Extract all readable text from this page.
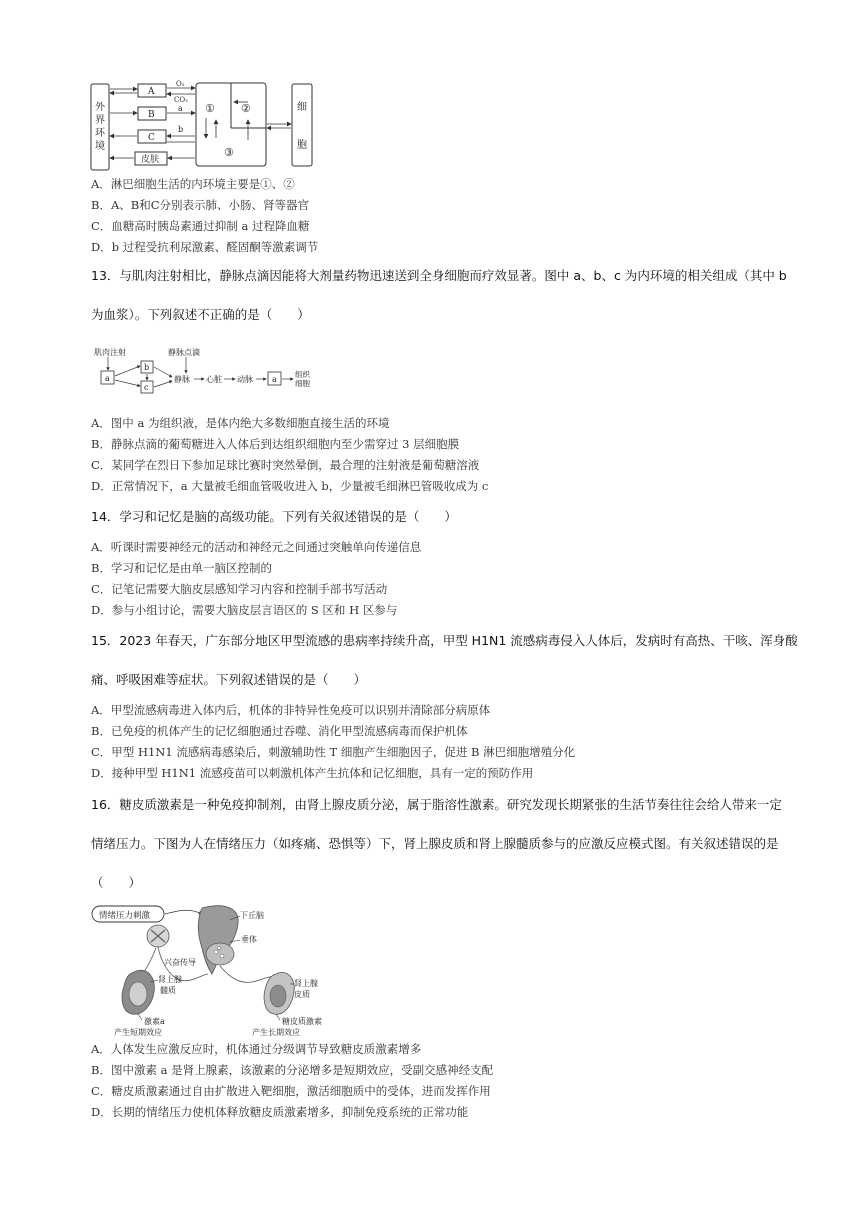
外
界
环
境
A
B
C
皮肤
O₂
CO₂
a
b
① ②
③
细
胞
A．淋巴细胞生活的内环境主要是①、②
B．A、B和C分别表示肺、小肠、肾等器官
C．血糖高时胰岛素通过抑制 a 过程降血糖
D．b 过程受抗利尿激素、醛固酮等激素调节
13．与肌肉注射相比，静脉点滴因能将大剂量药物迅速送到全身细胞而疗效显著。图中 a、b、c 为内环境的相关组成（其中 b
为血浆）。下列叙述不正确的是（　　）
肌肉注射
a
b
c
静脉点滴
静脉 心脏 动脉 a
组织
细胞
A．图中 a 为组织液，是体内绝大多数细胞直接生活的环境
B．静脉点滴的葡萄糖进入人体后到达组织细胞内至少需穿过 3 层细胞膜
C．某同学在烈日下参加足球比赛时突然晕倒，最合理的注射液是葡萄糖溶液
D．正常情况下，a 大量被毛细血管吸收进入 b，少量被毛细淋巴管吸收成为 c
14．学习和记忆是脑的高级功能。下列有关叙述错误的是（　　）
A．听课时需要神经元的活动和神经元之间通过突触单向传递信息
B．学习和记忆是由单一脑区控制的
C．记笔记需要大脑皮层感知学习内容和控制手部书写活动
D．参与小组讨论，需要大脑皮层言语区的 S 区和 H 区参与
15．2023 年春天，广东部分地区甲型流感的患病率持续升高，甲型 H1N1 流感病毒侵入人体后，发病时有高热、干咳、浑身酸
痛、呼吸困难等症状。下列叙述错误的是（　　）
A．甲型流感病毒进入体内后，机体的非特异性免疫可以识别并清除部分病原体
B．已免疫的机体产生的记忆细胞通过吞噬、消化甲型流感病毒而保护机体
C．甲型 H1N1 流感病毒感染后，刺激辅助性 T 细胞产生细胞因子，促进 B 淋巴细胞增殖分化
D．接种甲型 H1N1 流感疫苗可以刺激机体产生抗体和记忆细胞，具有一定的预防作用
16．糖皮质激素是一种免疫抑制剂，由肾上腺皮质分泌，属于脂溶性激素。研究发现长期紧张的生活节奏往往会给人带来一定
情绪压力。下图为人在情绪压力（如疼痛、恐惧等）下，肾上腺皮质和肾上腺髓质参与的应激反应模式图。有关叙述错误的是
（　　）
情绪压力刺激	下丘脑
垂体
兴奋传导
肾上腺
髓质
激素a
产生短期效应
肾上腺
皮质
糖皮质激素
产生长期效应
A．人体发生应激反应时，机体通过分级调节导致糖皮质激素增多
B．图中激素 a 是肾上腺素，该激素的分泌增多是短期效应，受副交感神经支配
C．糖皮质激素通过自由扩散进入靶细胞，激活细胞质中的受体，进而发挥作用
D．长期的情绪压力使机体释放糖皮质激素增多，抑制免疫系统的正常功能
